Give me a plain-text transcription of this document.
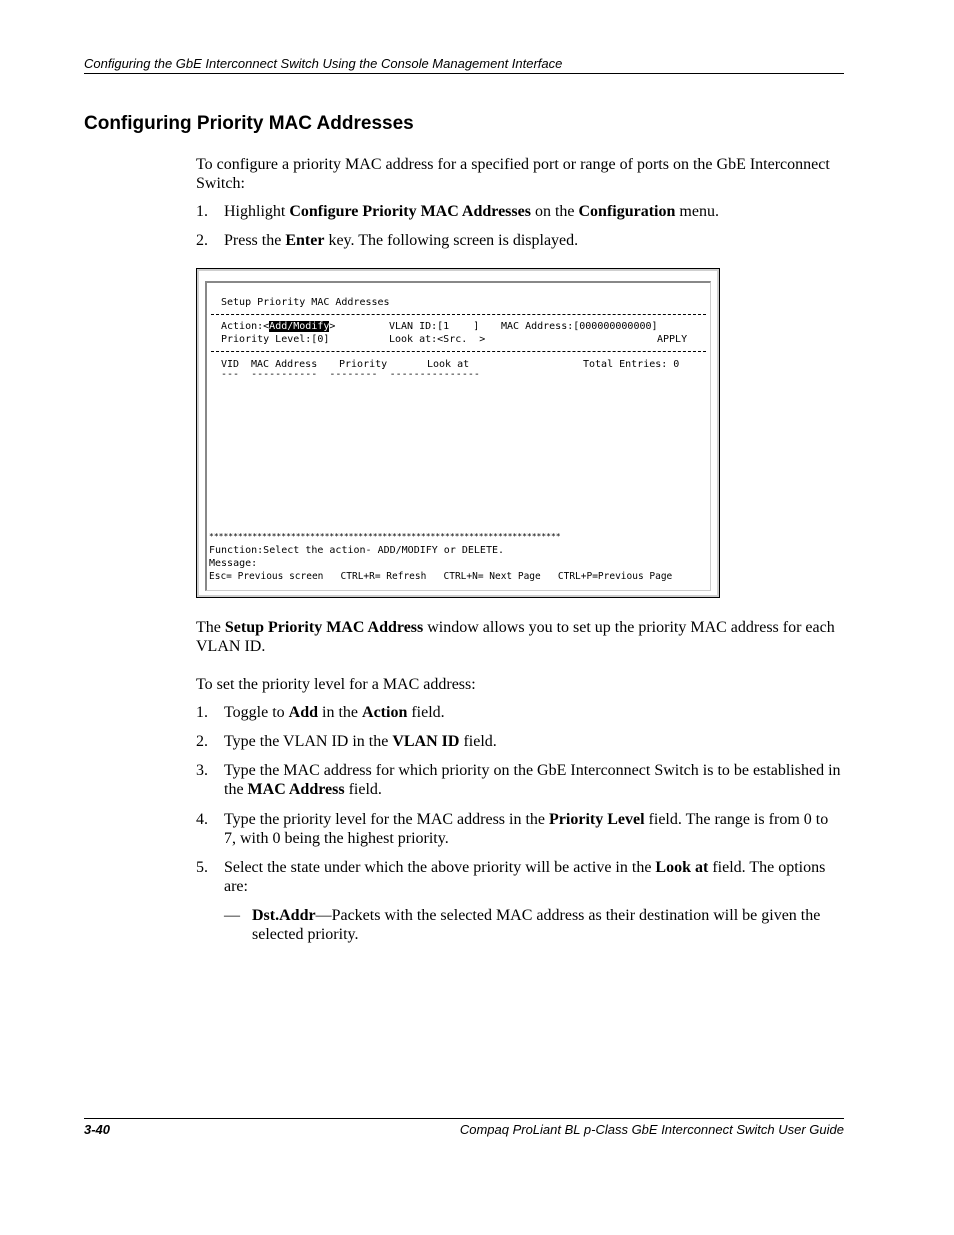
Configuring the GbE Interconnect Switch Using the Console Management Interface
Configuring Priority MAC Addresses
To configure a priority MAC address for a specified port or range of ports on the GbE Interconnect Switch:
1. Highlight Configure Priority MAC Addresses on the Configuration menu.
2. Press the Enter key. The following screen is displayed.
Setup Priority MAC Addresses
Action:<Add/Modify>	VLAN ID:[1    ] MAC Address:[000000000000]
Priority Level:[0]	Look at:<Src.  >	APPLY
VID MAC Address Priority	Look at	Total Entries: 0
---  -----------  --------  ---------------
*************************************************************************
Function:Select the action- ADD/MODIFY or DELETE.
Message:
Esc= Previous screen   CTRL+R= Refresh   CTRL+N= Next Page   CTRL+P=Previous Page
The Setup Priority MAC Address window allows you to set up the priority MAC address for each VLAN ID.
To set the priority level for a MAC address:
1. Toggle to Add in the Action field.
2. Type the VLAN ID in the VLAN ID field.
3. Type the MAC address for which priority on the GbE Interconnect Switch is to be established in the MAC Address field.
4. Type the priority level for the MAC address in the Priority Level field. The range is from 0 to 7, with 0 being the highest priority.
5. Select the state under which the above priority will be active in the Look at field. The options are:
— Dst.Addr—Packets with the selected MAC address as their destination will be given the selected priority.
3-40	Compaq ProLiant BL p-Class GbE Interconnect Switch User Guide
